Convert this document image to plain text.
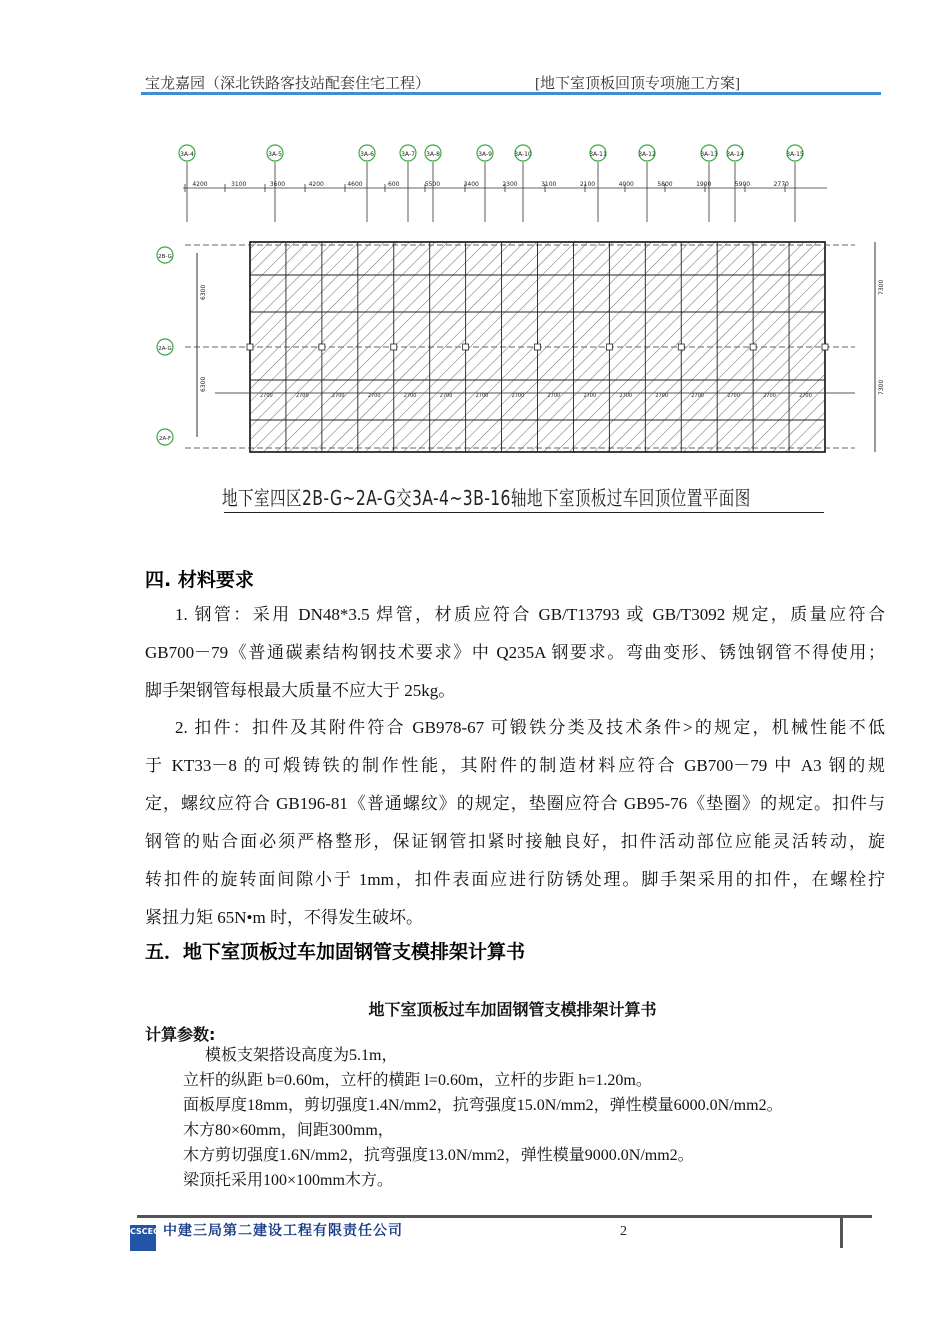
宝龙嘉园（深北铁路客技站配套住宅工程）	[地下室顶板回顶专项施工方案]
3A-4	3A-5	3A-6	3A-7 3A-8	3A-9	3A-10	3A-11	3A-12	3A-13 3A-14	3A-15
4200	3100	3600	4200	4600	600	5500	3400	2300	3100	2100	4000	5800	1900	5900	2770
2B-G
2A-G
2A-F
6300
6300
7300
7300
2700	2700	2700	2700	2700	2700	2700	2700	2700	2700	2700	2700	2700	2700	2700	2700
地下室四区2B-G~2A-G交3A-4~3B-16轴地下室顶板过车回顶位置平面图
四. 材料要求

1. 钢管：采用 DN48*3.5 焊管，材质应符合 GB/T13793 或 GB/T3092 规定，质量应符合

GB700－79《普通碳素结构钢技术要求》中 Q235A 钢要求。弯曲变形、锈蚀钢管不得使用；

脚手架钢管每根最大质量不应大于 25kg。

2. 扣件：扣件及其附件符合 GB978-67 可锻铁分类及技术条件>的规定，机械性能不低

于 KT33－8 的可煅铸铁的制作性能，其附件的制造材料应符合 GB700－79 中 A3 钢的规

定，螺纹应符合 GB196-81《普通螺纹》的规定，垫圈应符合 GB95-76《垫圈》的规定。扣件与

钢管的贴合面必须严格整形，保证钢管扣紧时接触良好，扣件活动部位应能灵活转动，旋

转扣件的旋转面间隙小于 1mm，扣件表面应进行防锈处理。脚手架采用的扣件，在螺栓拧

紧扭力矩 65N•m 时，不得发生破坏。

五．地下室顶板过车加固钢管支模排架计算书
地下室顶板过车加固钢管支模排架计算书
计算参数:
模板支架搭设高度为5.1m，
立杆的纵距 b=0.60m，立杆的横距 l=0.60m，立杆的步距 h=1.20m。
面板厚度18mm，剪切强度1.4N/mm2，抗弯强度15.0N/mm2，弹性模量6000.0N/mm2。
木方80×60mm，间距300mm，
木方剪切强度1.6N/mm2，抗弯强度13.0N/mm2，弹性模量9000.0N/mm2。
梁顶托采用100×100mm木方。
CSCEC 中建三局第二建设工程有限责任公司	2
